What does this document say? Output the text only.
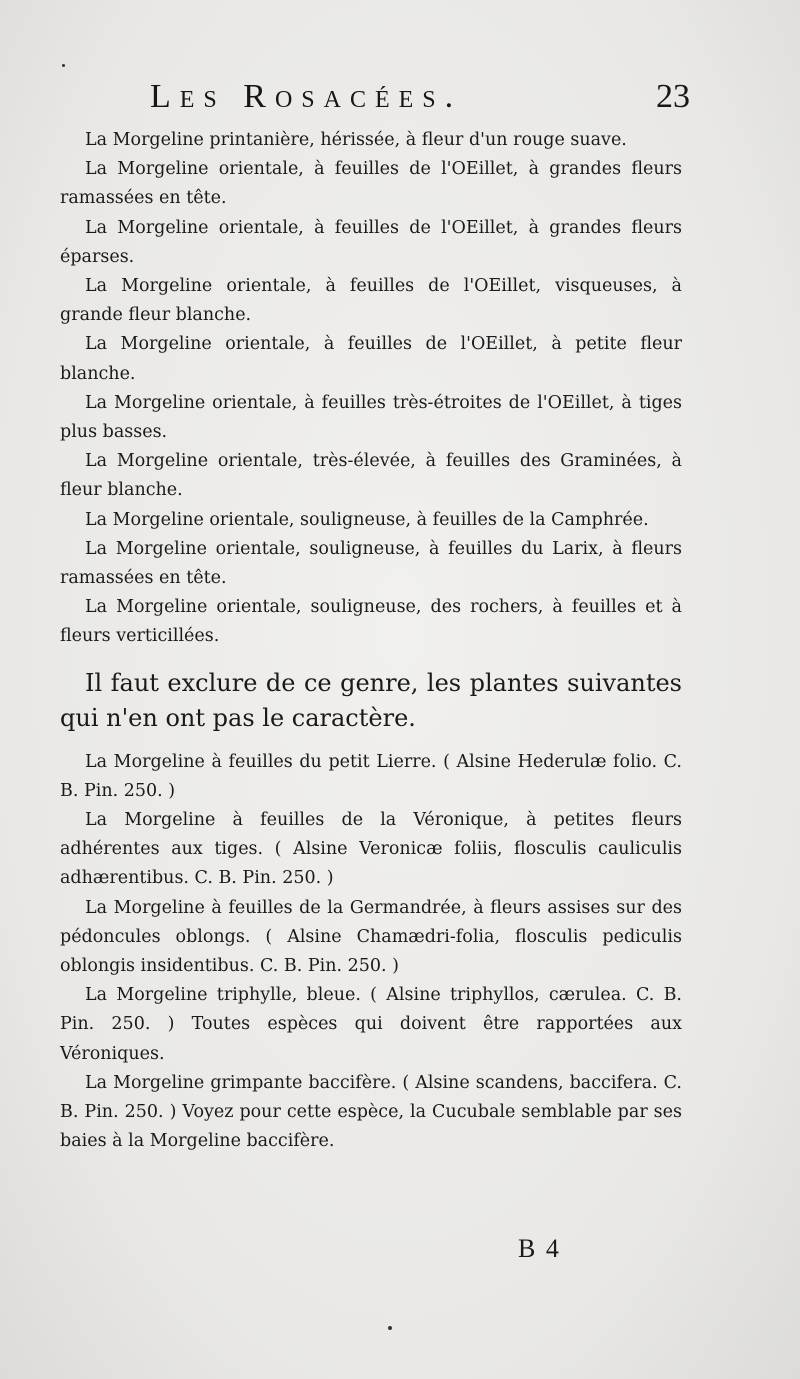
Les Rosacées.	23

La Morgeline printanière, hérissée, à fleur d'un rouge suave.

La Morgeline orientale, à feuilles de l'OEillet, à grandes fleurs ramassées en tête.

La Morgeline orientale, à feuilles de l'OEillet, à grandes fleurs éparses.

La Morgeline orientale, à feuilles de l'OEillet, visqueuses, à grande fleur blanche.

La Morgeline orientale, à feuilles de l'OEillet, à petite fleur blanche.

La Morgeline orientale, à feuilles très-étroites de l'OEillet, à tiges plus basses.

La Morgeline orientale, très-élevée, à feuilles des Graminées, à fleur blanche.

La Morgeline orientale, souligneuse, à feuilles de la Camphrée.

La Morgeline orientale, souligneuse, à feuilles du Larix, à fleurs ramassées en tête.

La Morgeline orientale, souligneuse, des rochers, à feuilles et à fleurs verticillées.

Il faut exclure de ce genre, les plantes suivantes qui n'en ont pas le caractère.

La Morgeline à feuilles du petit Lierre. ( Alsine Hederulæ folio. C. B. Pin. 250. )

La Morgeline à feuilles de la Véronique, à petites fleurs adhérentes aux tiges. ( Alsine Veronicæ foliis, flosculis cauliculis adhærentibus. C. B. Pin. 250. )

La Morgeline à feuilles de la Germandrée, à fleurs assises sur des pédoncules oblongs. ( Alsine Chamædri-folia, flosculis pediculis oblongis insidentibus. C. B. Pin. 250. )

La Morgeline triphylle, bleue. ( Alsine triphyllos, cærulea. C. B. Pin. 250. ) Toutes espèces qui doivent être rapportées aux Véroniques.

La Morgeline grimpante baccifère. ( Alsine scandens, baccifera. C. B. Pin. 250. ) Voyez pour cette espèce, la Cucubale semblable par ses baies à la Morgeline baccifère.

B 4
